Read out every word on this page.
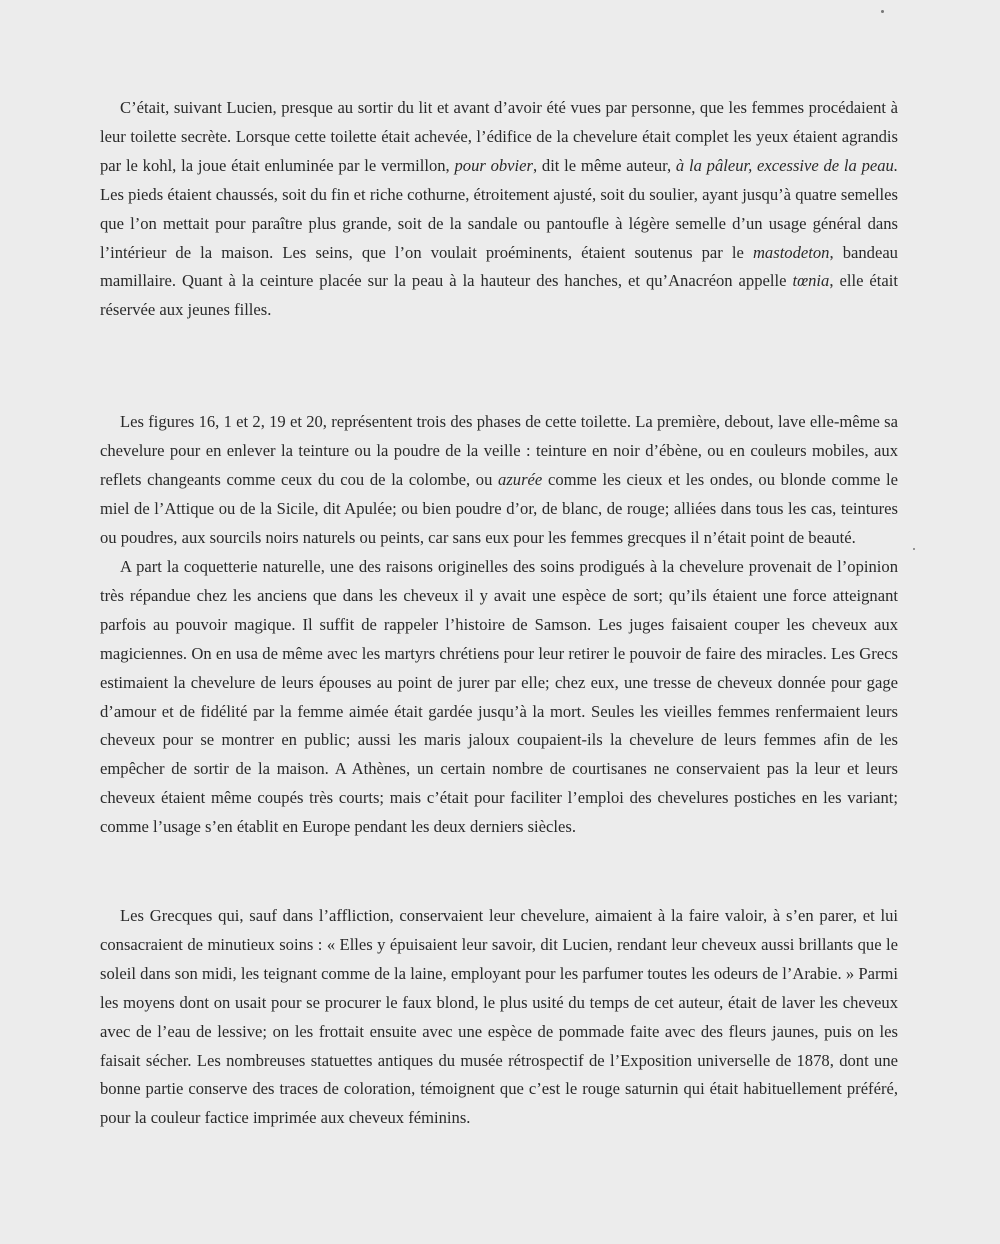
C’était, suivant Lucien, presque au sortir du lit et avant d’avoir été vues par personne, que les femmes procédaient à leur toilette secrète. Lorsque cette toilette était achevée, l’édifice de la chevelure était complet les yeux étaient agrandis par le kohl, la joue était enluminée par le vermillon, pour obvier, dit le même auteur, à la pâleur, excessive de la peau. Les pieds étaient chaussés, soit du fin et riche cothurne, étroitement ajusté, soit du soulier, ayant jusqu’à quatre semelles que l’on mettait pour paraître plus grande, soit de la sandale ou pantoufle à légère semelle d’un usage général dans l’intérieur de la maison. Les seins, que l’on voulait proéminents, étaient soutenus par le mastodeton, bandeau mamillaire. Quant à la ceinture placée sur la peau à la hauteur des hanches, et qu’Anacréon appelle tœnia, elle était réservée aux jeunes filles.

Les figures 16, 1 et 2, 19 et 20, représentent trois des phases de cette toilette. La première, debout, lave elle-même sa chevelure pour en enlever la teinture ou la poudre de la veille : teinture en noir d’ébène, ou en couleurs mobiles, aux reflets changeants comme ceux du cou de la colombe, ou azurée comme les cieux et les ondes, ou blonde comme le miel de l’Attique ou de la Sicile, dit Apulée; ou bien poudre d’or, de blanc, de rouge; alliées dans tous les cas, teintures ou poudres, aux sourcils noirs naturels ou peints, car sans eux pour les femmes grecques il n’était point de beauté.

A part la coquetterie naturelle, une des raisons originelles des soins prodigués à la chevelure provenait de l’opinion très répandue chez les anciens que dans les cheveux il y avait une espèce de sort; qu’ils étaient une force atteignant parfois au pouvoir magique. Il suffit de rappeler l’histoire de Samson. Les juges faisaient couper les cheveux aux magiciennes. On en usa de même avec les martyrs chrétiens pour leur retirer le pouvoir de faire des miracles. Les Grecs estimaient la chevelure de leurs épouses au point de jurer par elle; chez eux, une tresse de cheveux donnée pour gage d’amour et de fidélité par la femme aimée était gardée jusqu’à la mort. Seules les vieilles femmes renfermaient leurs cheveux pour se montrer en public; aussi les maris jaloux coupaient-ils la chevelure de leurs femmes afin de les empêcher de sortir de la maison. A Athènes, un certain nombre de courtisanes ne conservaient pas la leur et leurs cheveux étaient même coupés très courts; mais c’était pour faciliter l’emploi des chevelures postiches en les variant; comme l’usage s’en établit en Europe pendant les deux derniers siècles.

Les Grecques qui, sauf dans l’affliction, conservaient leur chevelure, aimaient à la faire valoir, à s’en parer, et lui consacraient de minutieux soins : « Elles y épuisaient leur savoir, dit Lucien, rendant leur cheveux aussi brillants que le soleil dans son midi, les teignant comme de la laine, employant pour les parfumer toutes les odeurs de l’Arabie. » Parmi les moyens dont on usait pour se procurer le faux blond, le plus usité du temps de cet auteur, était de laver les cheveux avec de l’eau de lessive; on les frottait ensuite avec une espèce de pommade faite avec des fleurs jaunes, puis on les faisait sécher. Les nombreuses statuettes antiques du musée rétrospectif de l’Exposition universelle de 1878, dont une bonne partie conserve des traces de coloration, témoignent que c’est le rouge saturnin qui était habituellement préféré, pour la couleur factice imprimée aux cheveux féminins.
